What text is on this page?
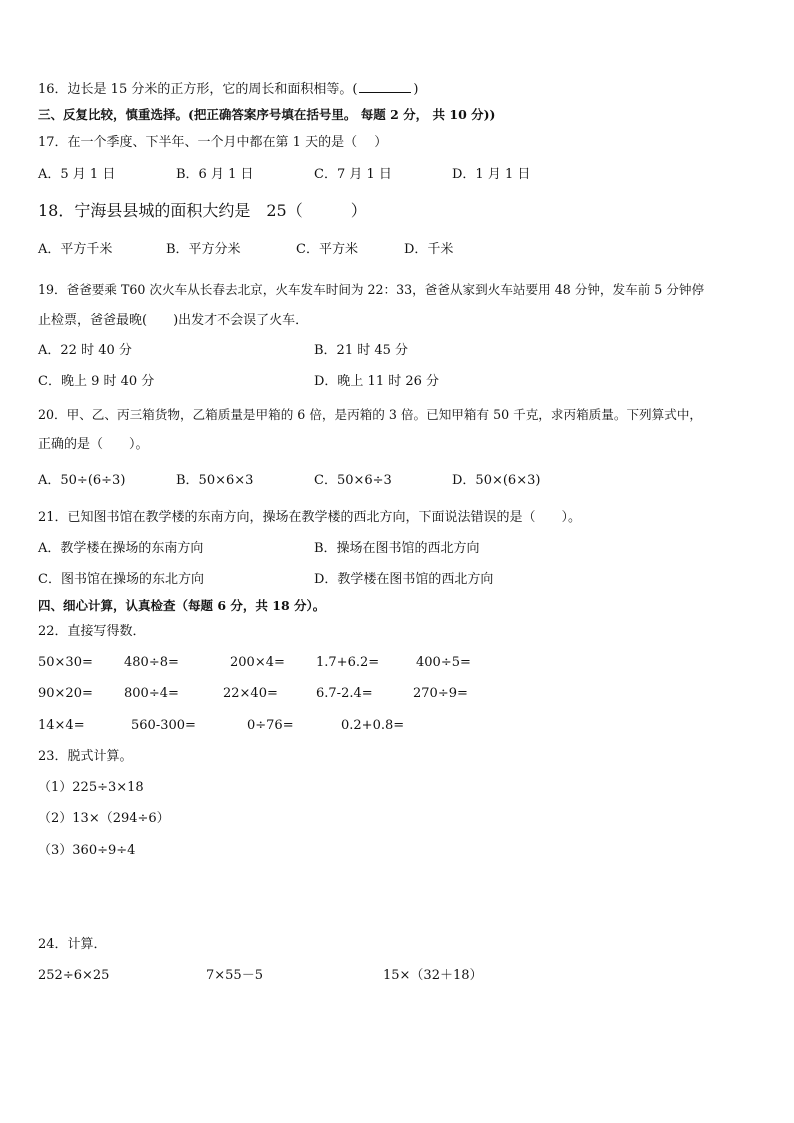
16．边长是 15 分米的正方形，它的周长和面积相等。(	)
三、反复比较，慎重选择。(把正确答案序号填在括号里。 每题 2 分， 共 10 分))
17．在一个季度、下半年、一个月中都在第 1 天的是（　 ）
A．5 月 1 日	B．6 月 1 日	C．7 月 1 日	D．1 月 1 日
18．宁海县县城的面积大约是　25（　　　）
A．平方千米	B．平方分米	C．平方米	D．千米
19．爸爸要乘 T60 次火车从长春去北京，火车发车时间为 22：33，爸爸从家到火车站要用 48 分钟，发车前 5 分钟停
止检票，爸爸最晚(　　)出发才不会误了火车．
A．22 时 40 分	B．21 时 45 分
C．晚上 9 时 40 分	D．晚上 11 时 26 分
20．甲、乙、丙三箱货物，乙箱质量是甲箱的 6 倍，是丙箱的 3 倍。已知甲箱有 50 千克，求丙箱质量。下列算式中，
正确的是（　　）。
A．50÷(6÷3)	B．50×6×3	C．50×6÷3	D．50×(6×3)
21．已知图书馆在教学楼的东南方向，操场在教学楼的西北方向，下面说法错误的是（　　）。
A．教学楼在操场的东南方向	B．操场在图书馆的西北方向
C．图书馆在操场的东北方向	D．教学楼在图书馆的西北方向
四、细心计算，认真检查（每题 6 分，共 18 分）。
22．直接写得数．
50×30= 480÷8=	200×4= 1.7+6.2=	400÷5=
90×20= 800÷4=	22×40=	6.7-2.4=	270÷9=
14×4=	560-300=	0÷76=	0.2+0.8=
23．脱式计算。
（1）225÷3×18
（2）13×（294÷6）
（3）360÷9÷4
24．计算．
252÷6×25	7×55－5	15×（32＋18）
